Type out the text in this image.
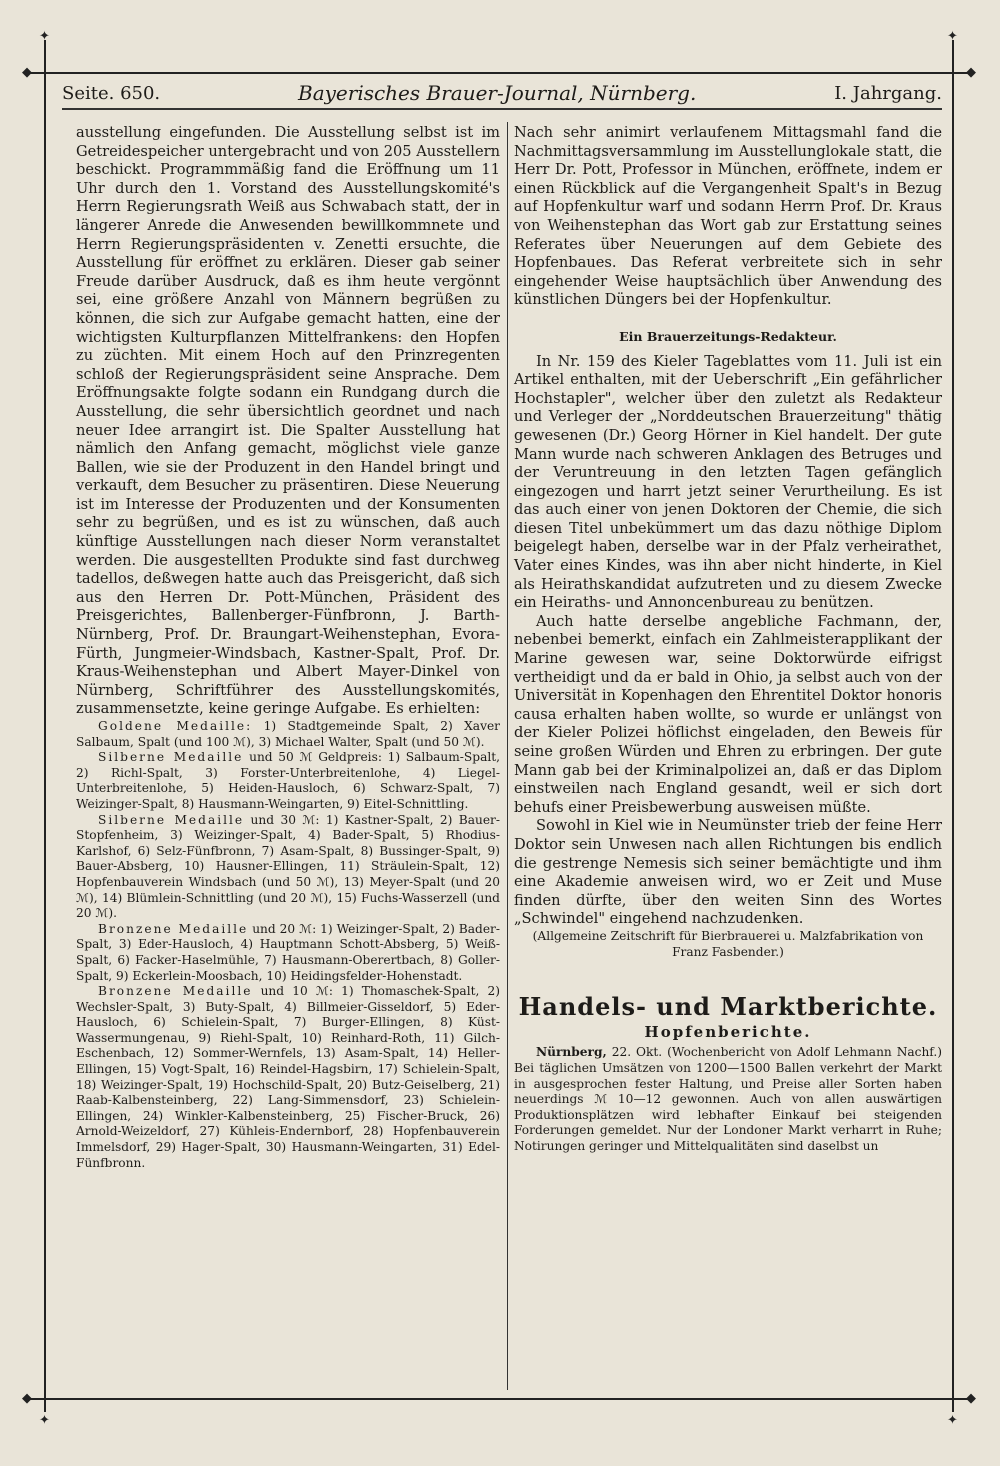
✦	✦
✦	✦
◆	◆
◆	◆
Seite. 650.	Bayerisches Brauer-Journal, Nürnberg.	I. Jahrgang.

ausstellung eingefunden. Die Ausstellung selbst ist im Getreidespeicher untergebracht und von 205 Ausstellern beschickt. Programmmäßig fand die Eröffnung um 11 Uhr durch den 1. Vorstand des Ausstellungskomité's Herrn Regierungsrath Weiß aus Schwabach statt, der in längerer Anrede die Anwesenden bewillkommnete und Herrn Regierungspräsidenten v. Zenetti ersuchte, die Ausstellung für eröffnet zu erklären. Dieser gab seiner Freude darüber Ausdruck, daß es ihm heute vergönnt sei, eine größere Anzahl von Männern begrüßen zu können, die sich zur Aufgabe gemacht hatten, eine der wichtigsten Kulturpflanzen Mittelfrankens: den Hopfen zu züchten. Mit einem Hoch auf den Prinzregenten schloß der Regierungspräsident seine Ansprache. Dem Eröffnungsakte folgte sodann ein Rundgang durch die Ausstellung, die sehr übersichtlich geordnet und nach neuer Idee arrangirt ist. Die Spalter Ausstellung hat nämlich den Anfang gemacht, möglichst viele ganze Ballen, wie sie der Produzent in den Handel bringt und verkauft, dem Besucher zu präsentiren. Diese Neuerung ist im Interesse der Produzenten und der Konsumenten sehr zu begrüßen, und es ist zu wünschen, daß auch künftige Ausstellungen nach dieser Norm veranstaltet werden. Die ausgestellten Produkte sind fast durchweg tadellos, deßwegen hatte auch das Preisgericht, daß sich aus den Herren Dr. Pott-München, Präsident des Preisgerichtes, Ballenberger-Fünfbronn, J. Barth-Nürnberg, Prof. Dr. Braungart-Weihenstephan, Evora-Fürth, Jungmeier-Windsbach, Kastner-Spalt, Prof. Dr. Kraus-Weihenstephan und Albert Mayer-Dinkel von Nürnberg, Schriftführer des Ausstellungskomités, zusammensetzte, keine geringe Aufgabe. Es erhielten:

Goldene Medaille: 1) Stadtgemeinde Spalt, 2) Xaver Salbaum, Spalt (und 100 ℳ), 3) Michael Walter, Spalt (und 50 ℳ).

Silberne Medaille und 50 ℳ Geldpreis: 1) Salbaum-Spalt, 2) Richl-Spalt, 3) Forster-Unterbreitenlohe, 4) Liegel-Unterbreitenlohe, 5) Heiden-Hausloch, 6) Schwarz-Spalt, 7) Weizinger-Spalt, 8) Hausmann-Weingarten, 9) Eitel-Schnittling.

Silberne Medaille und 30 ℳ: 1) Kastner-Spalt, 2) Bauer-Stopfenheim, 3) Weizinger-Spalt, 4) Bader-Spalt, 5) Rhodius-Karlshof, 6) Selz-Fünfbronn, 7) Asam-Spalt, 8) Bussinger-Spalt, 9) Bauer-Absberg, 10) Hausner-Ellingen, 11) Sträulein-Spalt, 12) Hopfenbauverein Windsbach (und 50 ℳ), 13) Meyer-Spalt (und 20 ℳ), 14) Blümlein-Schnittling (und 20 ℳ), 15) Fuchs-Wasserzell (und 20 ℳ).

Bronzene Medaille und 20 ℳ: 1) Weizinger-Spalt, 2) Bader-Spalt, 3) Eder-Hausloch, 4) Hauptmann Schott-Absberg, 5) Weiß-Spalt, 6) Facker-Haselmühle, 7) Hausmann-Oberertbach, 8) Goller-Spalt, 9) Eckerlein-Moosbach, 10) Heidingsfelder-Hohenstadt.

Bronzene Medaille und 10 ℳ: 1) Thomaschek-Spalt, 2) Wechsler-Spalt, 3) Buty-Spalt, 4) Billmeier-Gisseldorf, 5) Eder-Hausloch, 6) Schielein-Spalt, 7) Burger-Ellingen, 8) Küst-Wassermungenau, 9) Riehl-Spalt, 10) Reinhard-Roth, 11) Gilch-Eschenbach, 12) Sommer-Wernfels, 13) Asam-Spalt, 14) Heller-Ellingen, 15) Vogt-Spalt, 16) Reindel-Hagsbirn, 17) Schielein-Spalt, 18) Weizinger-Spalt, 19) Hochschild-Spalt, 20) Butz-Geiselberg, 21) Raab-Kalbensteinberg, 22) Lang-Simmensdorf, 23) Schielein-Ellingen, 24) Winkler-Kalbensteinberg, 25) Fischer-Bruck, 26) Arnold-Weizeldorf, 27) Kühleis-Endernborf, 28) Hopfenbauverein Immelsdorf, 29) Hager-Spalt, 30) Hausmann-Weingarten, 31) Edel-Fünfbronn.

Nach sehr animirt verlaufenem Mittagsmahl fand die Nachmittagsversammlung im Ausstellunglokale statt, die Herr Dr. Pott, Professor in München, eröffnete, indem er einen Rückblick auf die Vergangenheit Spalt's in Bezug auf Hopfenkultur warf und sodann Herrn Prof. Dr. Kraus von Weihenstephan das Wort gab zur Erstattung seines Referates über Neuerungen auf dem Gebiete des Hopfenbaues. Das Referat verbreitete sich in sehr eingehender Weise hauptsächlich über Anwendung des künstlichen Düngers bei der Hopfenkultur.

Ein Brauerzeitungs-Redakteur.

In Nr. 159 des Kieler Tageblattes vom 11. Juli ist ein Artikel enthalten, mit der Ueberschrift „Ein gefährlicher Hochstapler", welcher über den zuletzt als Redakteur und Verleger der „Norddeutschen Brauerzeitung" thätig gewesenen (Dr.) Georg Hörner in Kiel handelt. Der gute Mann wurde nach schweren Anklagen des Betruges und der Veruntreuung in den letzten Tagen gefänglich eingezogen und harrt jetzt seiner Verurtheilung. Es ist das auch einer von jenen Doktoren der Chemie, die sich diesen Titel unbekümmert um das dazu nöthige Diplom beigelegt haben, derselbe war in der Pfalz verheirathet, Vater eines Kindes, was ihn aber nicht hinderte, in Kiel als Heirathskandidat aufzutreten und zu diesem Zwecke ein Heiraths- und Annoncenbureau zu benützen.

Auch hatte derselbe angebliche Fachmann, der, nebenbei bemerkt, einfach ein Zahlmeisterapplikant der Marine gewesen war, seine Doktorwürde eifrigst vertheidigt und da er bald in Ohio, ja selbst auch von der Universität in Kopenhagen den Ehrentitel Doktor honoris causa erhalten haben wollte, so wurde er unlängst von der Kieler Polizei höflichst eingeladen, den Beweis für seine großen Würden und Ehren zu erbringen. Der gute Mann gab bei der Kriminalpolizei an, daß er das Diplom einstweilen nach England gesandt, weil er sich dort behufs einer Preisbewerbung ausweisen müßte.

Sowohl in Kiel wie in Neumünster trieb der feine Herr Doktor sein Unwesen nach allen Richtungen bis endlich die gestrenge Nemesis sich seiner bemächtigte und ihm eine Akademie anweisen wird, wo er Zeit und Muse finden dürfte, über den weiten Sinn des Wortes „Schwindel" eingehend nachzudenken.

(Allgemeine Zeitschrift für Bierbrauerei u. Malzfabrikation von Franz Fasbender.)

Handels- und Marktberichte.
Hopfenberichte.

Nürnberg, 22. Okt. (Wochenbericht von Adolf Lehmann Nachf.) Bei täglichen Umsätzen von 1200—1500 Ballen verkehrt der Markt in ausgesprochen fester Haltung, und Preise aller Sorten haben neuerdings ℳ 10—12 gewonnen. Auch von allen auswärtigen Produktionsplätzen wird lebhafter Einkauf bei steigenden Forderungen gemeldet. Nur der Londoner Markt verharrt in Ruhe; Notirungen geringer und Mittelqualitäten sind daselbst un
